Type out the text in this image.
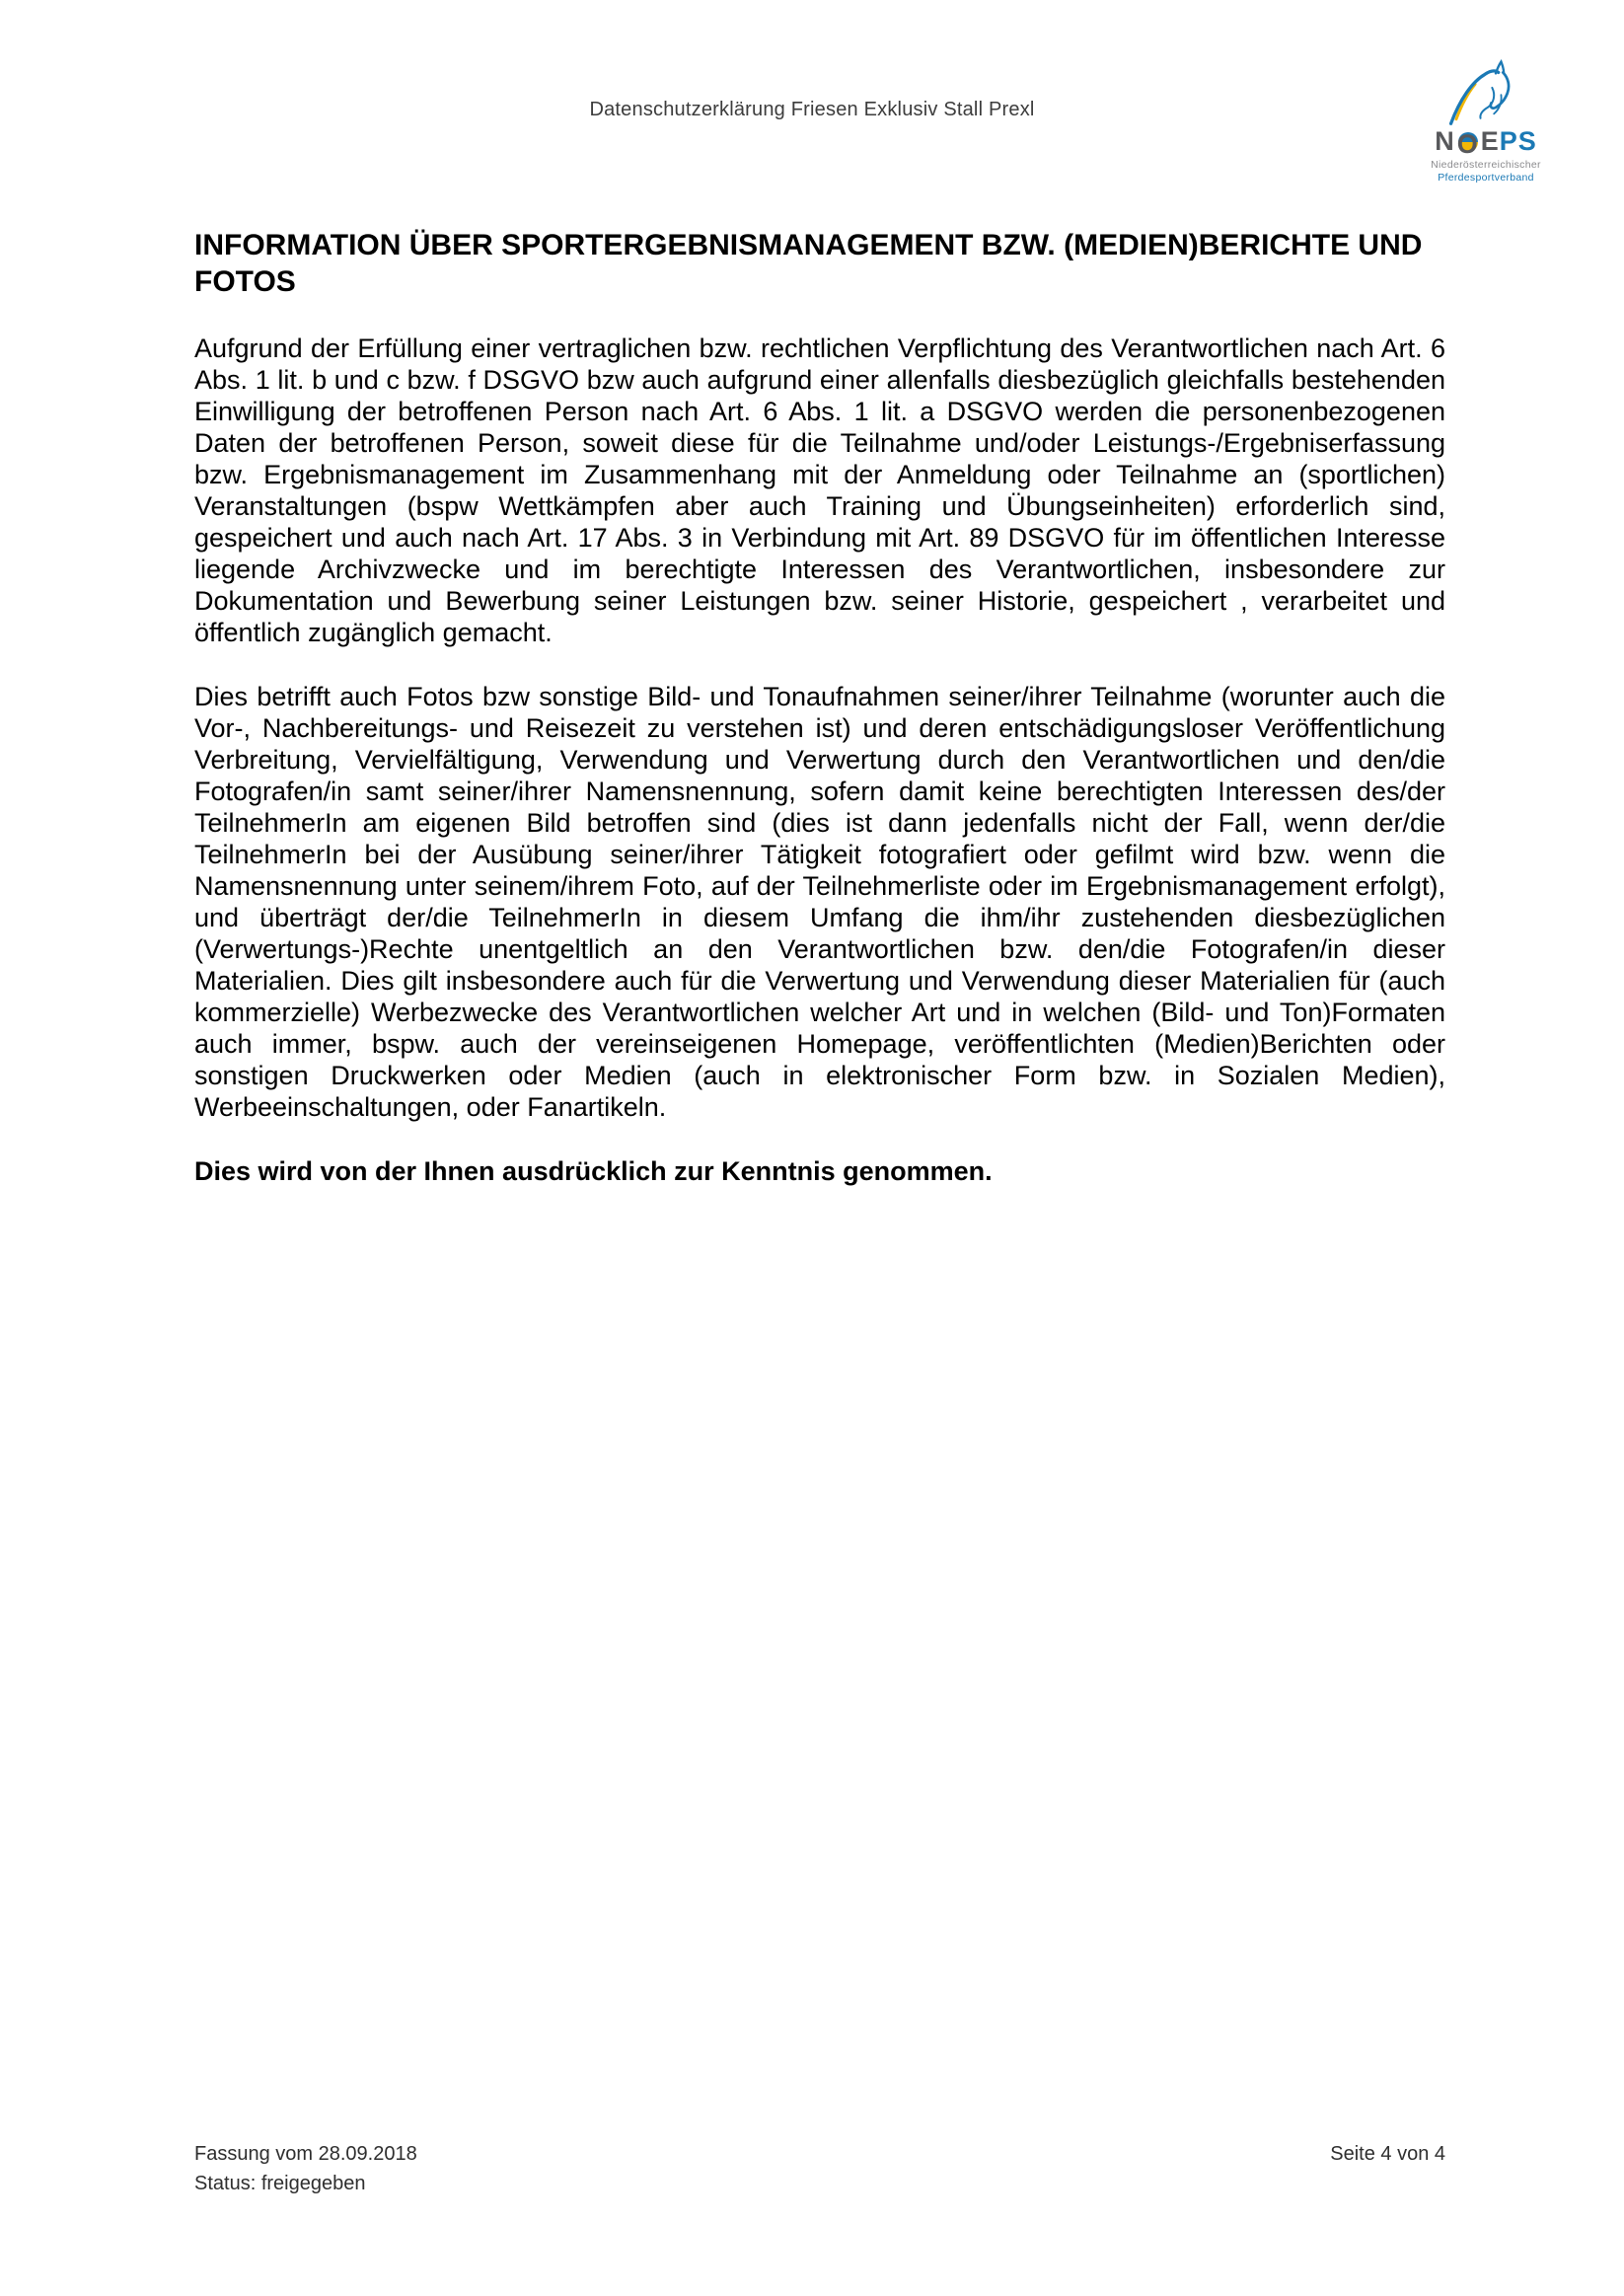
Datenschutzerklärung Friesen Exklusiv Stall Prexl
N O E PS
Niederösterreichischer
Pferdesportverband
INFORMATION ÜBER SPORTERGEBNISMANAGEMENT BZW. (MEDIEN)BERICHTE UND FOTOS

Aufgrund der Erfüllung einer vertraglichen bzw. rechtlichen Verpflichtung des Verantwortlichen nach Art. 6 Abs. 1 lit. b und c bzw. f DSGVO bzw auch aufgrund einer allenfalls diesbezüglich gleichfalls bestehenden Einwilligung der betroffenen Person nach Art. 6 Abs. 1 lit. a DSGVO werden die personenbezogenen Daten der betroffenen Person, soweit diese für die Teilnahme und/oder Leistungs-/Ergebniserfassung bzw. Ergebnismanagement im Zusammenhang mit der Anmeldung oder Teilnahme an (sportlichen) Veranstaltungen (bspw Wettkämpfen aber auch Training und Übungseinheiten) erforderlich sind, gespeichert und auch nach Art. 17 Abs. 3 in Verbindung mit Art. 89 DSGVO für im öffentlichen Interesse liegende Archivzwecke und im berechtigte Interessen des Verantwortlichen, insbesondere zur Dokumentation und Bewerbung seiner Leistungen bzw. seiner Historie, gespeichert , verarbeitet und öffentlich zugänglich gemacht.

Dies betrifft auch Fotos bzw sonstige Bild- und Tonaufnahmen seiner/ihrer Teilnahme (worunter auch die Vor-, Nachbereitungs- und Reisezeit zu verstehen ist) und deren entschädigungsloser Veröffentlichung Verbreitung, Vervielfältigung, Verwendung und Verwertung durch den Verantwortlichen und den/die Fotografen/in samt seiner/ihrer Namensnennung, sofern damit keine berechtigten Interessen des/der TeilnehmerIn am eigenen Bild betroffen sind (dies ist dann jedenfalls nicht der Fall, wenn der/die TeilnehmerIn bei der Ausübung seiner/ihrer Tätigkeit fotografiert oder gefilmt wird bzw. wenn die Namensnennung unter seinem/ihrem Foto, auf der Teilnehmerliste oder im Ergebnismanagement erfolgt), und überträgt der/die TeilnehmerIn in diesem Umfang die ihm/ihr zustehenden diesbezüglichen (Verwertungs-)Rechte unentgeltlich an den Verantwortlichen bzw. den/die Fotografen/in dieser Materialien. Dies gilt insbesondere auch für die Verwertung und Verwendung dieser Materialien für (auch kommerzielle) Werbezwecke des Verantwortlichen welcher Art und in welchen (Bild- und Ton)Formaten auch immer, bspw. auch der vereinseigenen Homepage, veröffentlichten (Medien)Berichten oder sonstigen Druckwerken oder Medien (auch in elektronischer Form bzw. in Sozialen Medien), Werbeeinschaltungen, oder Fanartikeln.

Dies wird von der Ihnen ausdrücklich zur Kenntnis genommen.

Fassung vom 28.09.2018
Status: freigegeben
Seite 4 von 4
